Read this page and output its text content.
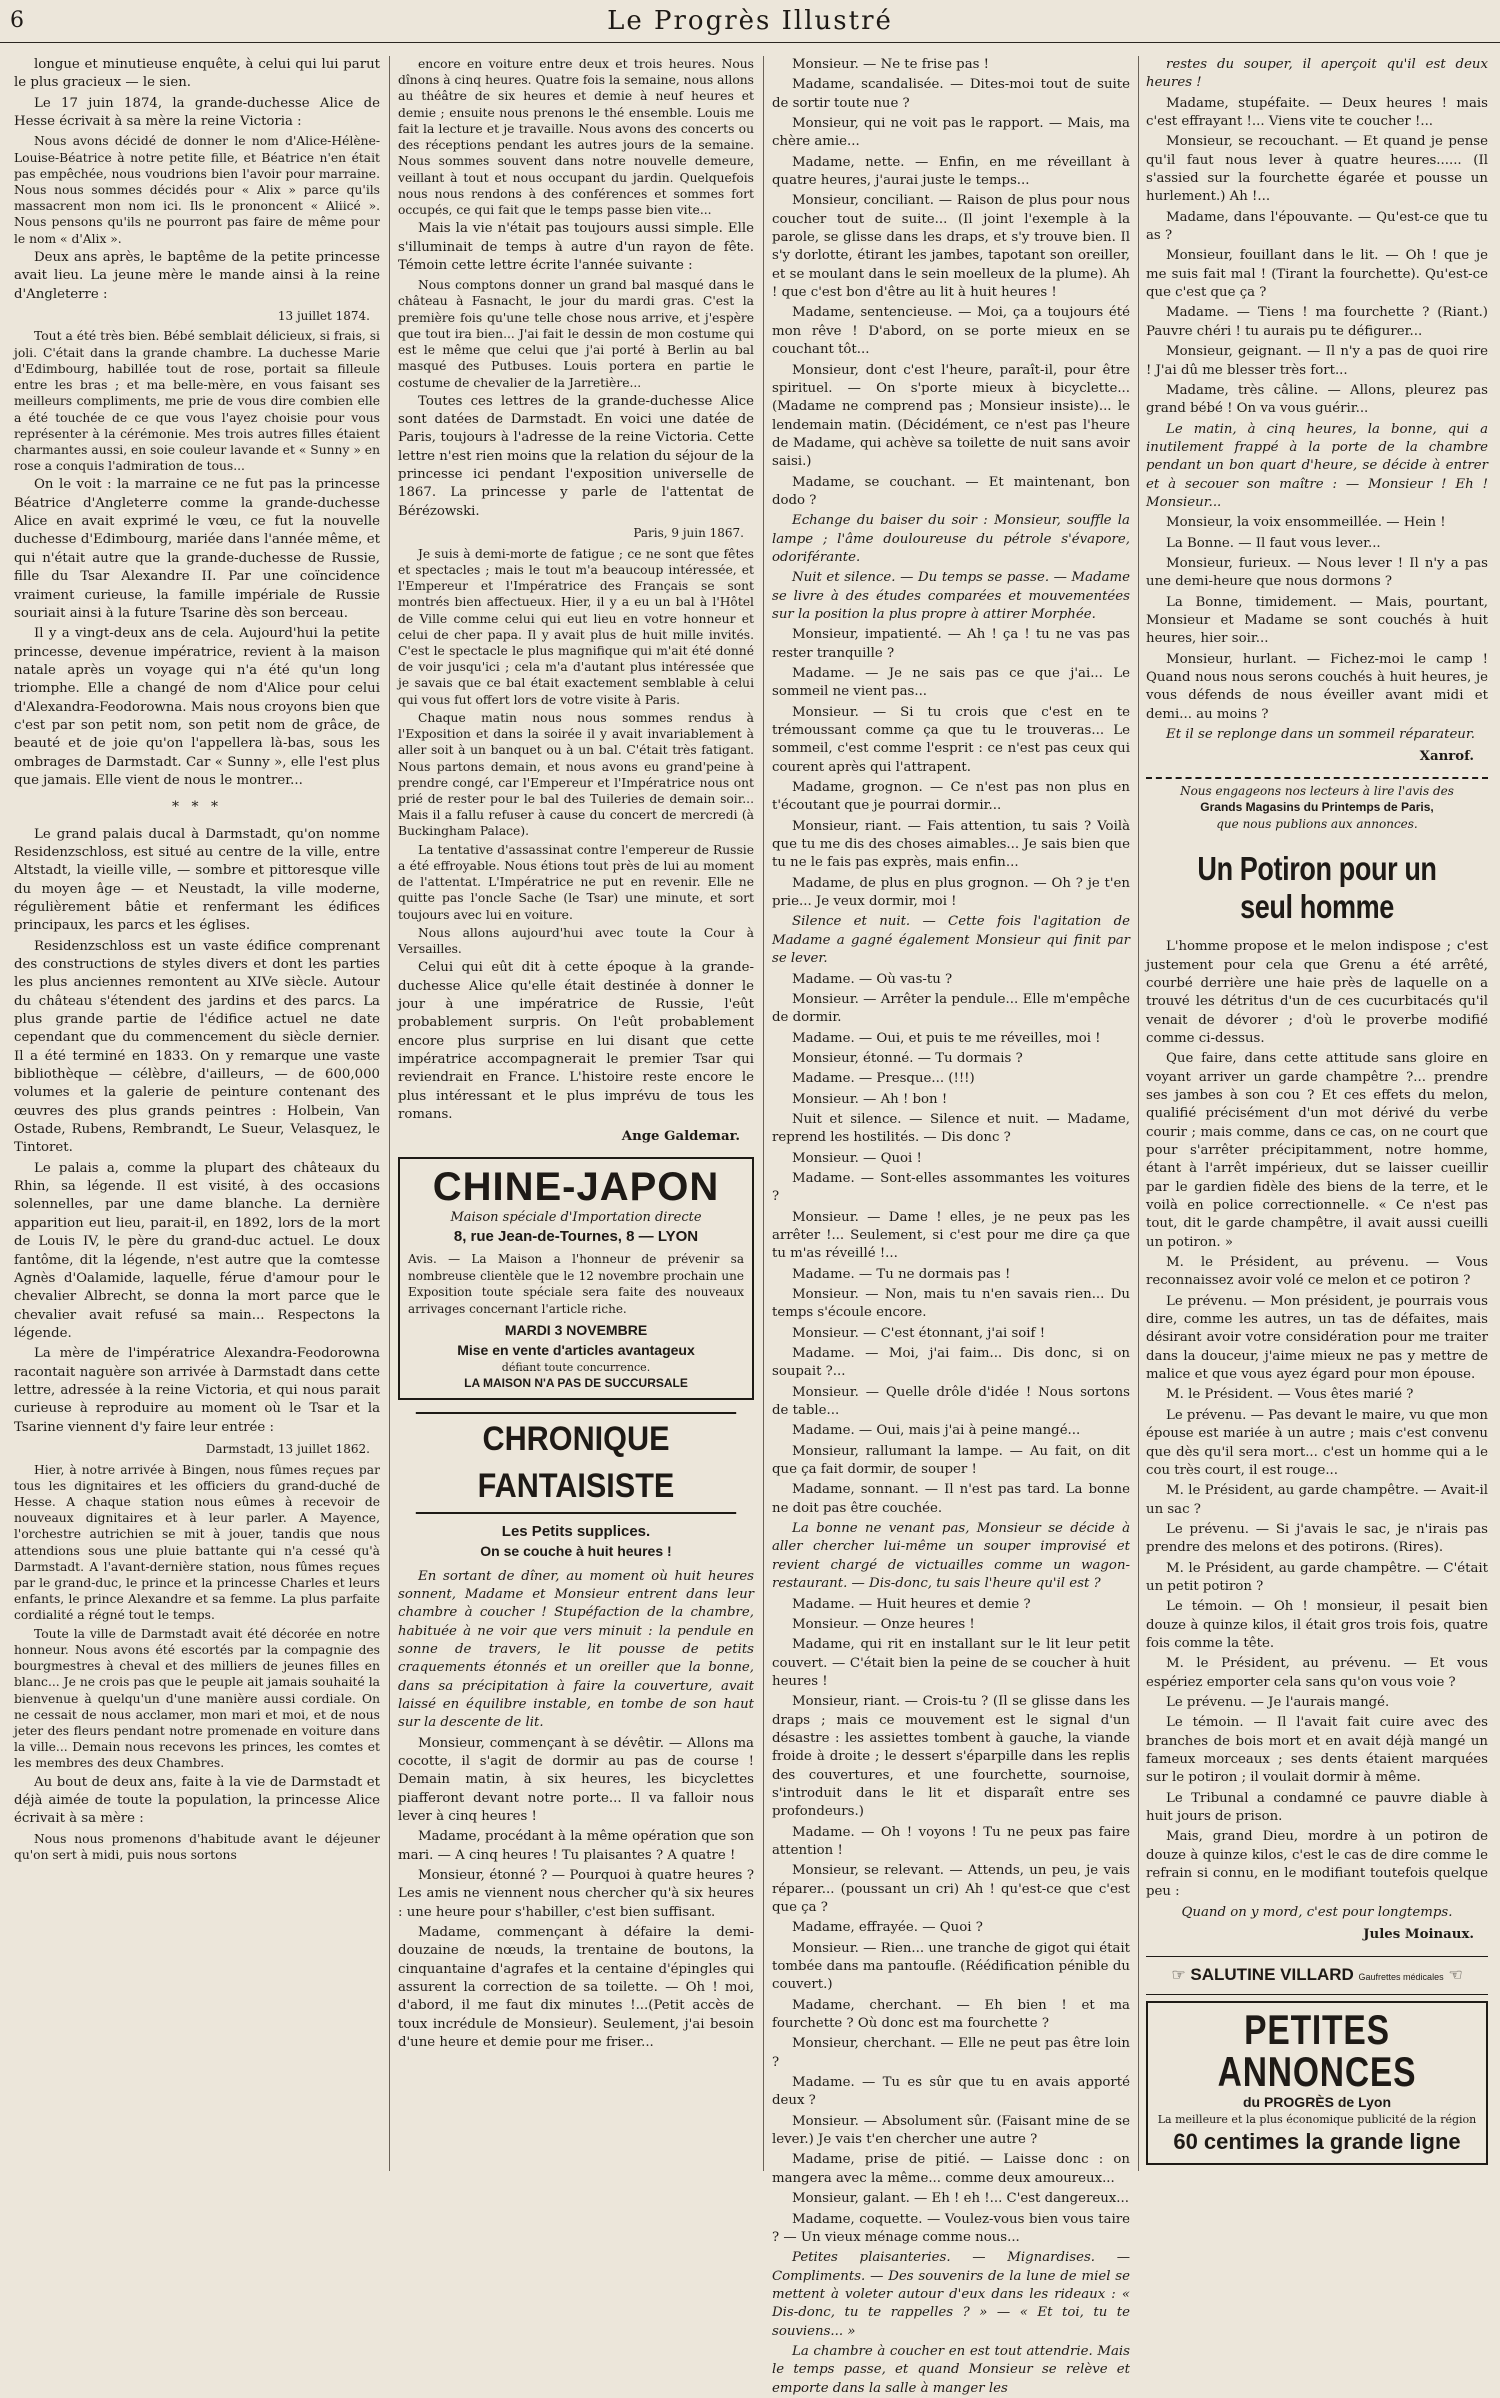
6	Le Progrès Illustré

longue et minutieuse enquête, à celui qui lui parut le plus gracieux — le sien.

Le 17 juin 1874, la grande-duchesse Alice de Hesse écrivait à sa mère la reine Victoria :

Nous avons décidé de donner le nom d'Alice-Hélène-Louise-Béatrice à notre petite fille, et Béatrice n'en était pas empêchée, nous voudrions bien l'avoir pour marraine. Nous nous sommes décidés pour « Alix » parce qu'ils massacrent mon nom ici. Ils le prononcent « Aliicé ». Nous pensons qu'ils ne pourront pas faire de même pour le nom « d'Alix ».

Deux ans après, le baptême de la petite princesse avait lieu. La jeune mère le mande ainsi à la reine d'Angleterre :

13 juillet 1874.

Tout a été très bien. Bébé semblait délicieux, si frais, si joli. C'était dans la grande chambre. La duchesse Marie d'Edimbourg, habillée tout de rose, portait sa filleule entre les bras ; et ma belle-mère, en vous faisant ses meilleurs compliments, me prie de vous dire combien elle a été touchée de ce que vous l'ayez choisie pour vous représenter à la cérémonie. Mes trois autres filles étaient charmantes aussi, en soie couleur lavande et « Sunny » en rose a conquis l'admiration de tous...

On le voit : la marraine ce ne fut pas la princesse Béatrice d'Angleterre comme la grande-duchesse Alice en avait exprimé le vœu, ce fut la nouvelle duchesse d'Edimbourg, mariée dans l'année même, et qui n'était autre que la grande-duchesse de Russie, fille du Tsar Alexandre II. Par une coïncidence vraiment curieuse, la famille impériale de Russie souriait ainsi à la future Tsarine dès son berceau.

Il y a vingt-deux ans de cela. Aujourd'hui la petite princesse, devenue impératrice, revient à la maison natale après un voyage qui n'a été qu'un long triomphe. Elle a changé de nom d'Alice pour celui d'Alexandra-Feodorowna. Mais nous croyons bien que c'est par son petit nom, son petit nom de grâce, de beauté et de joie qu'on l'appellera là-bas, sous les ombrages de Darmstadt. Car « Sunny », elle l'est plus que jamais. Elle vient de nous le montrer...

* * *

Le grand palais ducal à Darmstadt, qu'on nomme Residenzschloss, est situé au centre de la ville, entre Altstadt, la vieille ville, — sombre et pittoresque ville du moyen âge — et Neustadt, la ville moderne, régulièrement bâtie et renfermant les édifices principaux, les parcs et les églises.

Residenzschloss est un vaste édifice comprenant des constructions de styles divers et dont les parties les plus anciennes remontent au XIVe siècle. Autour du château s'étendent des jardins et des parcs. La plus grande partie de l'édifice actuel ne date cependant que du commencement du siècle dernier. Il a été terminé en 1833. On y remarque une vaste bibliothèque — célèbre, d'ailleurs, — de 600,000 volumes et la galerie de peinture contenant des œuvres des plus grands peintres : Holbein, Van Ostade, Rubens, Rembrandt, Le Sueur, Velasquez, le Tintoret.

Le palais a, comme la plupart des châteaux du Rhin, sa légende. Il est visité, à des occasions solennelles, par une dame blanche. La dernière apparition eut lieu, parait-il, en 1892, lors de la mort de Louis IV, le père du grand-duc actuel. Le doux fantôme, dit la légende, n'est autre que la comtesse Agnès d'Oalamide, laquelle, férue d'amour pour le chevalier Albrecht, se donna la mort parce que le chevalier avait refusé sa main... Respectons la légende.

La mère de l'impératrice Alexandra-Feodorowna racontait naguère son arrivée à Darmstadt dans cette lettre, adressée à la reine Victoria, et qui nous parait curieuse à reproduire au moment où le Tsar et la Tsarine viennent d'y faire leur entrée :

Darmstadt, 13 juillet 1862.

Hier, à notre arrivée à Bingen, nous fûmes reçues par tous les dignitaires et les officiers du grand-duché de Hesse. A chaque station nous eûmes à recevoir de nouveaux dignitaires et à leur parler. A Mayence, l'orchestre autrichien se mit à jouer, tandis que nous attendions sous une pluie battante qui n'a cessé qu'à Darmstadt. A l'avant-dernière station, nous fûmes reçues par le grand-duc, le prince et la princesse Charles et leurs enfants, le prince Alexandre et sa femme. La plus parfaite cordialité a régné tout le temps.

Toute la ville de Darmstadt avait été décorée en notre honneur. Nous avons été escortés par la compagnie des bourgmestres à cheval et des milliers de jeunes filles en blanc... Je ne crois pas que le peuple ait jamais souhaité la bienvenue à quelqu'un d'une manière aussi cordiale. On ne cessait de nous acclamer, mon mari et moi, et de nous jeter des fleurs pendant notre promenade en voiture dans la ville... Demain nous recevons les princes, les comtes et les membres des deux Chambres.

Au bout de deux ans, faite à la vie de Darmstadt et déjà aimée de toute la population, la princesse Alice écrivait à sa mère :

Nous nous promenons d'habitude avant le déjeuner qu'on sert à midi, puis nous sortons

encore en voiture entre deux et trois heures. Nous dînons à cinq heures. Quatre fois la semaine, nous allons au théâtre de six heures et demie à neuf heures et demie ; ensuite nous prenons le thé ensemble. Louis me fait la lecture et je travaille. Nous avons des concerts ou des réceptions pendant les autres jours de la semaine. Nous sommes souvent dans notre nouvelle demeure, veillant à tout et nous occupant du jardin. Quelquefois nous nous rendons à des conférences et sommes fort occupés, ce qui fait que le temps passe bien vite...

Mais la vie n'était pas toujours aussi simple. Elle s'illuminait de temps à autre d'un rayon de fête. Témoin cette lettre écrite l'année suivante :

Nous comptons donner un grand bal masqué dans le château à Fasnacht, le jour du mardi gras. C'est la première fois qu'une telle chose nous arrive, et j'espère que tout ira bien... J'ai fait le dessin de mon costume qui est le même que celui que j'ai porté à Berlin au bal masqué des Putbuses. Louis portera en partie le costume de chevalier de la Jarretière...

Toutes ces lettres de la grande-duchesse Alice sont datées de Darmstadt. En voici une datée de Paris, toujours à l'adresse de la reine Victoria. Cette lettre n'est rien moins que la relation du séjour de la princesse ici pendant l'exposition universelle de 1867. La princesse y parle de l'attentat de Bérézowski.

Paris, 9 juin 1867.

Je suis à demi-morte de fatigue ; ce ne sont que fêtes et spectacles ; mais le tout m'a beaucoup intéressée, et l'Empereur et l'Impératrice des Français se sont montrés bien affectueux. Hier, il y a eu un bal à l'Hôtel de Ville comme celui qui eut lieu en votre honneur et celui de cher papa. Il y avait plus de huit mille invités. C'est le spectacle le plus magnifique qui m'ait été donné de voir jusqu'ici ; cela m'a d'autant plus intéressée que je savais que ce bal était exactement semblable à celui qui vous fut offert lors de votre visite à Paris.

Chaque matin nous nous sommes rendus à l'Exposition et dans la soirée il y avait invariablement à aller soit à un banquet ou à un bal. C'était très fatigant. Nous partons demain, et nous avons eu grand'peine à prendre congé, car l'Empereur et l'Impératrice nous ont prié de rester pour le bal des Tuileries de demain soir... Mais il a fallu refuser à cause du concert de mercredi (à Buckingham Palace).

La tentative d'assassinat contre l'empereur de Russie a été effroyable. Nous étions tout près de lui au moment de l'attentat. L'Impératrice ne put en revenir. Elle ne quitte pas l'oncle Sache (le Tsar) une minute, et sort toujours avec lui en voiture.

Nous allons aujourd'hui avec toute la Cour à Versailles.

Celui qui eût dit à cette époque à la grande-duchesse Alice qu'elle était destinée à donner le jour à une impératrice de Russie, l'eût probablement surpris. On l'eût probablement encore plus surprise en lui disant que cette impératrice accompagnerait le premier Tsar qui reviendrait en France. L'histoire reste encore le plus intéressant et le plus imprévu de tous les romans.

Ange Galdemar.

CHINE-JAPON
Maison spéciale d'Importation directe
8, rue Jean-de-Tournes, 8 — LYON
Avis. — La Maison a l'honneur de prévenir sa nombreuse clientèle que le 12 novembre prochain une Exposition toute spéciale sera faite des nouveaux arrivages concernant l'article riche.
MARDI 3 NOVEMBRE
Mise en vente d'articles avantageux
défiant toute concurrence.
LA MAISON N'A PAS DE SUCCURSALE
CHRONIQUE FANTAISISTE
Les Petits supplices.
On se couche à huit heures !

En sortant de dîner, au moment où huit heures sonnent, Madame et Monsieur entrent dans leur chambre à coucher ! Stupéfaction de la chambre, habituée à ne voir que vers minuit : la pendule en sonne de travers, le lit pousse de petits craquements étonnés et un oreiller que la bonne, dans sa précipitation à faire la couverture, avait laissé en équilibre instable, en tombe de son haut sur la descente de lit.

Monsieur, commençant à se dévêtir. — Allons ma cocotte, il s'agit de dormir au pas de course ! Demain matin, à six heures, les bicyclettes piafferont devant notre porte... Il va falloir nous lever à cinq heures !

Madame, procédant à la même opération que son mari. — A cinq heures ! Tu plaisantes ? A quatre !

Monsieur, étonné ? — Pourquoi à quatre heures ? Les amis ne viennent nous chercher qu'à six heures : une heure pour s'habiller, c'est bien suffisant.

Madame, commençant à défaire la demi-douzaine de nœuds, la trentaine de boutons, la cinquantaine d'agrafes et la centaine d'épingles qui assurent la correction de sa toilette. — Oh ! moi, d'abord, il me faut dix minutes !...(Petit accès de toux incrédule de Monsieur). Seulement, j'ai besoin d'une heure et demie pour me friser...

Monsieur. — Ne te frise pas !

Madame, scandalisée. — Dites-moi tout de suite de sortir toute nue ?

Monsieur, qui ne voit pas le rapport. — Mais, ma chère amie...

Madame, nette. — Enfin, en me réveillant à quatre heures, j'aurai juste le temps...

Monsieur, conciliant. — Raison de plus pour nous coucher tout de suite... (Il joint l'exemple à la parole, se glisse dans les draps, et s'y trouve bien. Il s'y dorlotte, étirant les jambes, tapotant son oreiller, et se moulant dans le sein moelleux de la plume). Ah ! que c'est bon d'être au lit à huit heures !

Madame, sentencieuse. — Moi, ça a toujours été mon rêve ! D'abord, on se porte mieux en se couchant tôt...

Monsieur, dont c'est l'heure, paraît-il, pour être spirituel. — On s'porte mieux à bicyclette... (Madame ne comprend pas ; Monsieur insiste)... le lendemain matin. (Décidément, ce n'est pas l'heure de Madame, qui achève sa toilette de nuit sans avoir saisi.)

Madame, se couchant. — Et maintenant, bon dodo ?

Echange du baiser du soir : Monsieur, souffle la lampe ; l'âme douloureuse du pétrole s'évapore, odoriférante.

Nuit et silence. — Du temps se passe. — Madame se livre à des études comparées et mouvementées sur la position la plus propre à attirer Morphée.

Monsieur, impatienté. — Ah ! ça ! tu ne vas pas rester tranquille ?

Madame. — Je ne sais pas ce que j'ai... Le sommeil ne vient pas...

Monsieur. — Si tu crois que c'est en te trémoussant comme ça que tu le trouveras... Le sommeil, c'est comme l'esprit : ce n'est pas ceux qui courent après qui l'attrapent.

Madame, grognon. — Ce n'est pas non plus en t'écoutant que je pourrai dormir...

Monsieur, riant. — Fais attention, tu sais ? Voilà que tu me dis des choses aimables... Je sais bien que tu ne le fais pas exprès, mais enfin...

Madame, de plus en plus grognon. — Oh ? je t'en prie... Je veux dormir, moi !

Silence et nuit. — Cette fois l'agitation de Madame a gagné également Monsieur qui finit par se lever.

Madame. — Où vas-tu ?

Monsieur. — Arrêter la pendule... Elle m'empêche de dormir.

Madame. — Oui, et puis te me réveilles, moi !

Monsieur, étonné. — Tu dormais ?

Madame. — Presque... (!!!)

Monsieur. — Ah ! bon !

Nuit et silence. — Silence et nuit. — Madame, reprend les hostilités. — Dis donc ?

Monsieur. — Quoi !

Madame. — Sont-elles assommantes les voitures ?

Monsieur. — Dame ! elles, je ne peux pas les arrêter !... Seulement, si c'est pour me dire ça que tu m'as réveillé !...

Madame. — Tu ne dormais pas !

Monsieur. — Non, mais tu n'en savais rien... Du temps s'écoule encore.

Monsieur. — C'est étonnant, j'ai soif !

Madame. — Moi, j'ai faim... Dis donc, si on soupait ?...

Monsieur. — Quelle drôle d'idée ! Nous sortons de table...

Madame. — Oui, mais j'ai à peine mangé...

Monsieur, rallumant la lampe. — Au fait, on dit que ça fait dormir, de souper !

Madame, sonnant. — Il n'est pas tard. La bonne ne doit pas être couchée.

La bonne ne venant pas, Monsieur se décide à aller chercher lui-même un souper improvisé et revient chargé de victuailles comme un wagon-restaurant. — Dis-donc, tu sais l'heure qu'il est ?

Madame. — Huit heures et demie ?

Monsieur. — Onze heures !

Madame, qui rit en installant sur le lit leur petit couvert. — C'était bien la peine de se coucher à huit heures !

Monsieur, riant. — Crois-tu ? (Il se glisse dans les draps ; mais ce mouvement est le signal d'un désastre : les assiettes tombent à gauche, la viande froide à droite ; le dessert s'éparpille dans les replis des couvertures, et une fourchette, sournoise, s'introduit dans le lit et disparaît entre ses profondeurs.)

Madame. — Oh ! voyons ! Tu ne peux pas faire attention !

Monsieur, se relevant. — Attends, un peu, je vais réparer... (poussant un cri) Ah ! qu'est-ce que c'est que ça ?

Madame, effrayée. — Quoi ?

Monsieur. — Rien... une tranche de gigot qui était tombée dans ma pantoufle. (Réédification pénible du couvert.)

Madame, cherchant. — Eh bien ! et ma fourchette ? Où donc est ma fourchette ?

Monsieur, cherchant. — Elle ne peut pas être loin ?

Madame. — Tu es sûr que tu en avais apporté deux ?

Monsieur. — Absolument sûr. (Faisant mine de se lever.) Je vais t'en chercher une autre ?

Madame, prise de pitié. — Laisse donc : on mangera avec la même... comme deux amoureux...

Monsieur, galant. — Eh ! eh !... C'est dangereux...

Madame, coquette. — Voulez-vous bien vous taire ? — Un vieux ménage comme nous...

Petites plaisanteries. — Mignardises. — Compliments. — Des souvenirs de la lune de miel se mettent à voleter autour d'eux dans les rideaux : « Dis-donc, tu te rappelles ? » — « Et toi, tu te souviens... »

La chambre à coucher en est tout attendrie. Mais le temps passe, et quand Monsieur se relève et emporte dans la salle à manger les

restes du souper, il aperçoit qu'il est deux heures !

Madame, stupéfaite. — Deux heures ! mais c'est effrayant !... Viens vite te coucher !...

Monsieur, se recouchant. — Et quand je pense qu'il faut nous lever à quatre heures...... (Il s'assied sur la fourchette égarée et pousse un hurlement.) Ah !...

Madame, dans l'épouvante. — Qu'est-ce que tu as ?

Monsieur, fouillant dans le lit. — Oh ! que je me suis fait mal ! (Tirant la fourchette). Qu'est-ce que c'est que ça ?

Madame. — Tiens ! ma fourchette ? (Riant.) Pauvre chéri ! tu aurais pu te défigurer...

Monsieur, geignant. — Il n'y a pas de quoi rire ! J'ai dû me blesser très fort...

Madame, très câline. — Allons, pleurez pas grand bébé ! On va vous guérir...

Le matin, à cinq heures, la bonne, qui a inutilement frappé à la porte de la chambre pendant un bon quart d'heure, se décide à entrer et à secouer son maître : — Monsieur ! Eh ! Monsieur...

Monsieur, la voix ensommeillée. — Hein !

La Bonne. — Il faut vous lever...

Monsieur, furieux. — Nous lever ! Il n'y a pas une demi-heure que nous dormons ?

La Bonne, timidement. — Mais, pourtant, Monsieur et Madame se sont couchés à huit heures, hier soir...

Monsieur, hurlant. — Fichez-moi le camp ! Quand nous nous serons couchés à huit heures, je vous défends de nous éveiller avant midi et demi... au moins ?

Et il se replonge dans un sommeil réparateur.

Xanrof.

Nous engageons nos lecteurs à lire l'avis des
Grands Magasins du Printemps de Paris,
que nous publions aux annonces.
Un Potiron pour un seul homme

L'homme propose et le melon indispose ; c'est justement pour cela que Grenu a été arrêté, courbé derrière une haie près de laquelle on a trouvé les détritus d'un de ces cucurbitacés qu'il venait de dévorer ; d'où le proverbe modifié comme ci-dessus.

Que faire, dans cette attitude sans gloire en voyant arriver un garde champêtre ?... prendre ses jambes à son cou ? Et ces effets du melon, qualifié précisément d'un mot dérivé du verbe courir ; mais comme, dans ce cas, on ne court que pour s'arrêter précipitamment, notre homme, étant à l'arrêt impérieux, dut se laisser cueillir par le gardien fidèle des biens de la terre, et le voilà en police correctionnelle. « Ce n'est pas tout, dit le garde champêtre, il avait aussi cueilli un potiron. »

M. le Président, au prévenu. — Vous reconnaissez avoir volé ce melon et ce potiron ?

Le prévenu. — Mon président, je pourrais vous dire, comme les autres, un tas de défaites, mais désirant avoir votre considération pour me traiter dans la douceur, j'aime mieux ne pas y mettre de malice et que vous ayez égard pour mon épouse.

M. le Président. — Vous êtes marié ?

Le prévenu. — Pas devant le maire, vu que mon épouse est mariée à un autre ; mais c'est convenu que dès qu'il sera mort... c'est un homme qui a le cou très court, il est rouge...

M. le Président, au garde champêtre. — Avait-il un sac ?

Le prévenu. — Si j'avais le sac, je n'irais pas prendre des melons et des potirons. (Rires).

M. le Président, au garde champêtre. — C'était un petit potiron ?

Le témoin. — Oh ! monsieur, il pesait bien douze à quinze kilos, il était gros trois fois, quatre fois comme la tête.

M. le Président, au prévenu. — Et vous espériez emporter cela sans qu'on vous voie ?

Le prévenu. — Je l'aurais mangé.

Le témoin. — Il l'avait fait cuire avec des branches de bois mort et en avait déjà mangé un fameux morceaux ; ses dents étaient marquées sur le potiron ; il voulait dormir à même.

Le Tribunal a condamné ce pauvre diable à huit jours de prison.

Mais, grand Dieu, mordre à un potiron de douze à quinze kilos, c'est le cas de dire comme le refrain si connu, en le modifiant toutefois quelque peu :

Quand on y mord, c'est pour longtemps.

Jules Moinaux.

☞ SALUTINE VILLARD Gaufrettes médicales ☜
PETITES ANNONCES
du PROGRÈS de Lyon
La meilleure et la plus économique publicité de la région
60 centimes la grande ligne
